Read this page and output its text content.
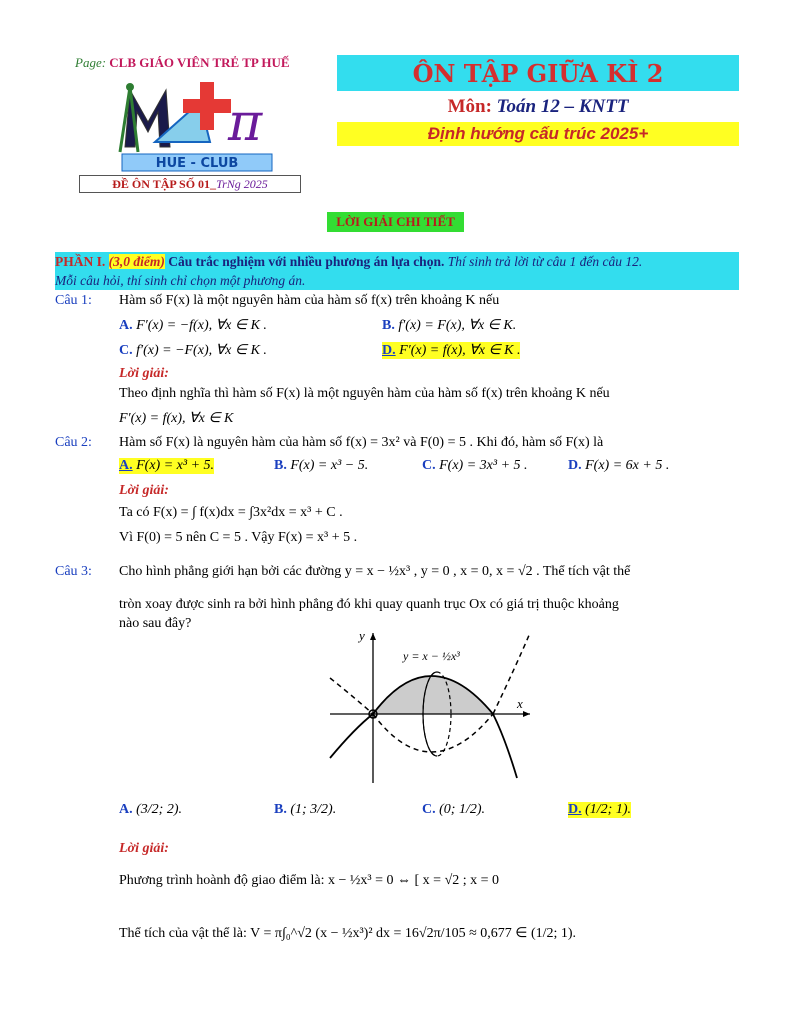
Page: CLB GIÁO VIÊN TRẺ TP HUẾ
π
HUE - CLUB
ĐỀ ÔN TẬP SỐ 01_TrNg 2025
ÔN TẬP GIỮA KÌ 2
Môn: Toán 12 – KNTT
Định hướng cấu trúc 2025+
LỜI GIẢI CHI TIẾT
PHẦN I. (3,0 điểm) Câu trắc nghiệm với nhiều phương án lựa chọn. Thí sinh trả lời từ câu 1 đến câu 12.
Mỗi câu hỏi, thí sinh chỉ chọn một phương án.
Câu 1: Hàm số F(x) là một nguyên hàm của hàm số f(x) trên khoảng K nếu
A. F′(x) = −f(x), ∀x ∈ K .	B. f′(x) = F(x), ∀x ∈ K.
C. f′(x) = −F(x), ∀x ∈ K .	D. F′(x) = f(x), ∀x ∈ K .
Lời giải:
Theo định nghĩa thì hàm số F(x) là một nguyên hàm của hàm số f(x) trên khoảng K nếu
F′(x) = f(x), ∀x ∈ K
Câu 2: Hàm số F(x) là nguyên hàm của hàm số f(x) = 3x² và F(0) = 5 . Khi đó, hàm số F(x) là
A. F(x) = x³ + 5.	B. F(x) = x³ − 5.	C. F(x) = 3x³ + 5 .	D. F(x) = 6x + 5 .
Lời giải:
Ta có F(x) = ∫ f(x)dx = ∫3x²dx = x³ + C .
Vì F(0) = 5 nên C = 5 . Vậy F(x) = x³ + 5 .
Câu 3: Cho hình phẳng giới hạn bởi các đường y = x − ½x³ , y = 0 , x = 0, x = √2 . Thể tích vật thể
tròn xoay được sinh ra bởi hình phẳng đó khi quay quanh trục Ox có giá trị thuộc khoảng
nào sau đây?
y
x
y = x − ½x³
A. (3/2; 2).	B. (1; 3/2).	C. (0; 1/2).	D. (1/2; 1).
Lời giải:
Phương trình hoành độ giao điểm là: x − ½x³ = 0 ⇔ [ x = √2 ; x = 0
Thể tích của vật thể là: V = π∫₀^√2 (x − ½x³)² dx = 16√2π/105 ≈ 0,677 ∈ (1/2; 1).
